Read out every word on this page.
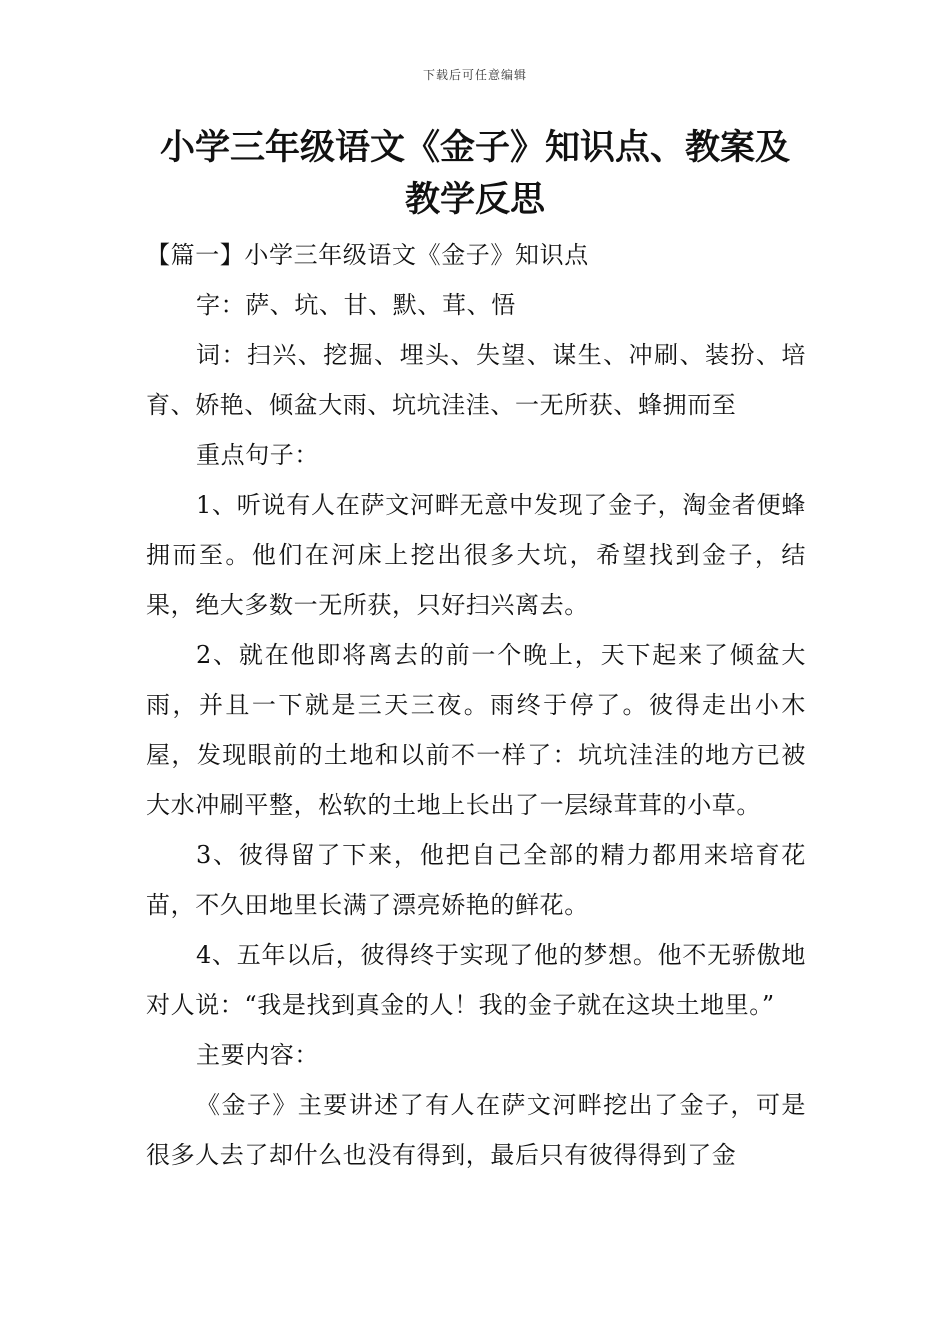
下载后可任意编辑
小学三年级语文《金子》知识点、教案及
教学反思

【篇一】小学三年级语文《金子》知识点

字：萨、坑、甘、默、茸、悟

词：扫兴、挖掘、埋头、失望、谋生、冲刷、装扮、培育、娇艳、倾盆大雨、坑坑洼洼、一无所获、蜂拥而至

重点句子：

1、听说有人在萨文河畔无意中发现了金子，淘金者便蜂拥而至。他们在河床上挖出很多大坑，希望找到金子，结果，绝大多数一无所获，只好扫兴离去。

2、就在他即将离去的前一个晚上，天下起来了倾盆大雨，并且一下就是三天三夜。雨终于停了。彼得走出小木屋，发现眼前的土地和以前不一样了：坑坑洼洼的地方已被大水冲刷平整，松软的土地上长出了一层绿茸茸的小草。

3、彼得留了下来，他把自己全部的精力都用来培育花苗，不久田地里长满了漂亮娇艳的鲜花。

4、五年以后，彼得终于实现了他的梦想。他不无骄傲地对人说：“我是找到真金的人！我的金子就在这块土地里。”

主要内容：

《金子》主要讲述了有人在萨文河畔挖出了金子，可是很多人去了却什么也没有得到，最后只有彼得得到了金
